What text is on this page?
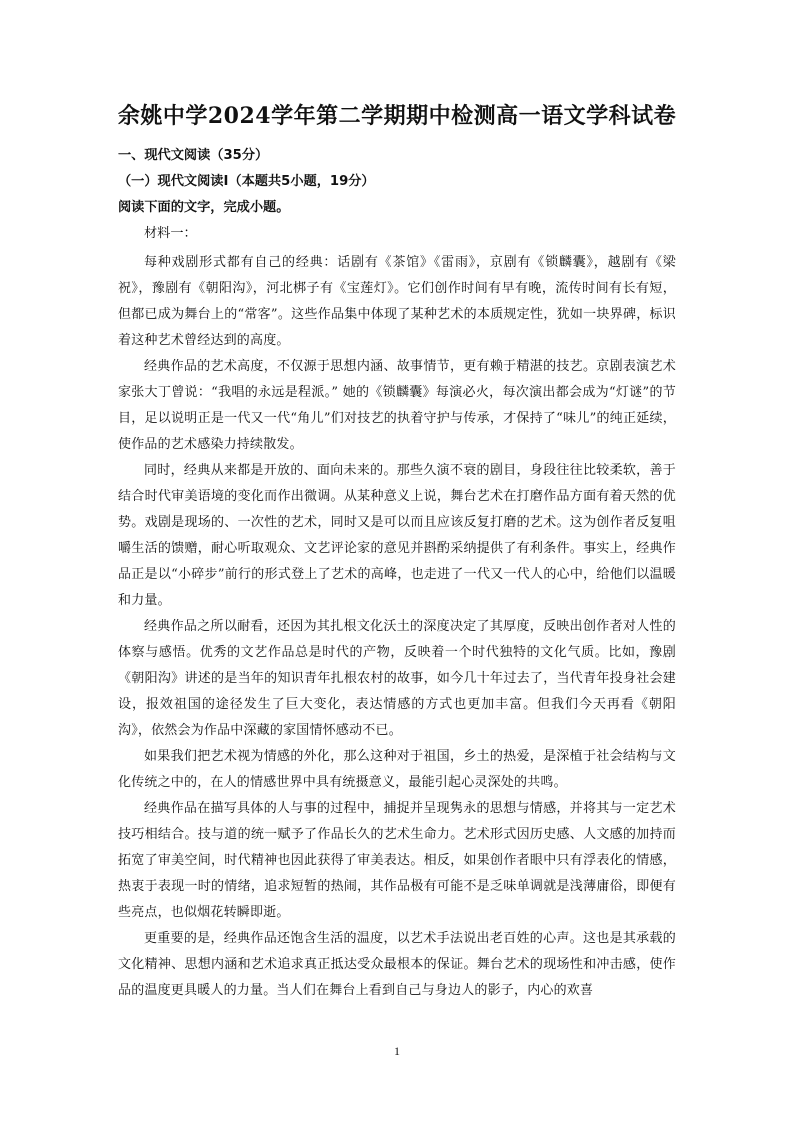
余姚中学2024学年第二学期期中检测高一语文学科试卷
一、现代文阅读（35分）
（一）现代文阅读Ⅰ（本题共5小题，19分）
阅读下面的文字，完成小题。
材料一：

每种戏剧形式都有自己的经典：话剧有《茶馆》《雷雨》，京剧有《锁麟囊》，越剧有《梁祝》，豫剧有《朝阳沟》，河北梆子有《宝莲灯》。它们创作时间有早有晚，流传时间有长有短，但都已成为舞台上的“常客”。这些作品集中体现了某种艺术的本质规定性，犹如一块界碑，标识着这种艺术曾经达到的高度。

经典作品的艺术高度，不仅源于思想内涵、故事情节，更有赖于精湛的技艺。京剧表演艺术家张大丁曾说：“我唱的永远是程派。” 她的《锁麟囊》每演必火，每次演出都会成为“灯谜”的节目，足以说明正是一代又一代“角儿”们对技艺的执着守护与传承，才保持了“味儿”的纯正延续，使作品的艺术感染力持续散发。

同时，经典从来都是开放的、面向未来的。那些久演不衰的剧目，身段往往比较柔软，善于结合时代审美语境的变化而作出微调。从某种意义上说，舞台艺术在打磨作品方面有着天然的优势。戏剧是现场的、一次性的艺术，同时又是可以而且应该反复打磨的艺术。这为创作者反复咀嚼生活的馈赠，耐心听取观众、文艺评论家的意见并斟酌采纳提供了有利条件。事实上，经典作品正是以“小碎步”前行的形式登上了艺术的高峰，也走进了一代又一代人的心中，给他们以温暖和力量。

经典作品之所以耐看，还因为其扎根文化沃土的深度决定了其厚度，反映出创作者对人性的体察与感悟。优秀的文艺作品总是时代的产物，反映着一个时代独特的文化气质。比如，豫剧《朝阳沟》讲述的是当年的知识青年扎根农村的故事，如今几十年过去了，当代青年投身社会建设，报效祖国的途径发生了巨大变化，表达情感的方式也更加丰富。但我们今天再看《朝阳沟》，依然会为作品中深藏的家国情怀感动不已。

如果我们把艺术视为情感的外化，那么这种对于祖国，乡土的热爱，是深植于社会结构与文化传统之中的，在人的情感世界中具有统摄意义，最能引起心灵深处的共鸣。

经典作品在描写具体的人与事的过程中，捕捉并呈现隽永的思想与情感，并将其与一定艺术技巧相结合。技与道的统一赋予了作品长久的艺术生命力。艺术形式因历史感、人文感的加持而拓宽了审美空间，时代精神也因此获得了审美表达。相反，如果创作者眼中只有浮表化的情感，热衷于表现一时的情绪，追求短暂的热闹，其作品极有可能不是乏味单调就是浅薄庸俗，即便有些亮点，也似烟花转瞬即逝。

更重要的是，经典作品还饱含生活的温度，以艺术手法说出老百姓的心声。这也是其承载的文化精神、思想内涵和艺术追求真正抵达受众最根本的保证。舞台艺术的现场性和冲击感，使作品的温度更具暖人的力量。当人们在舞台上看到自己与身边人的影子，内心的欢喜

1
